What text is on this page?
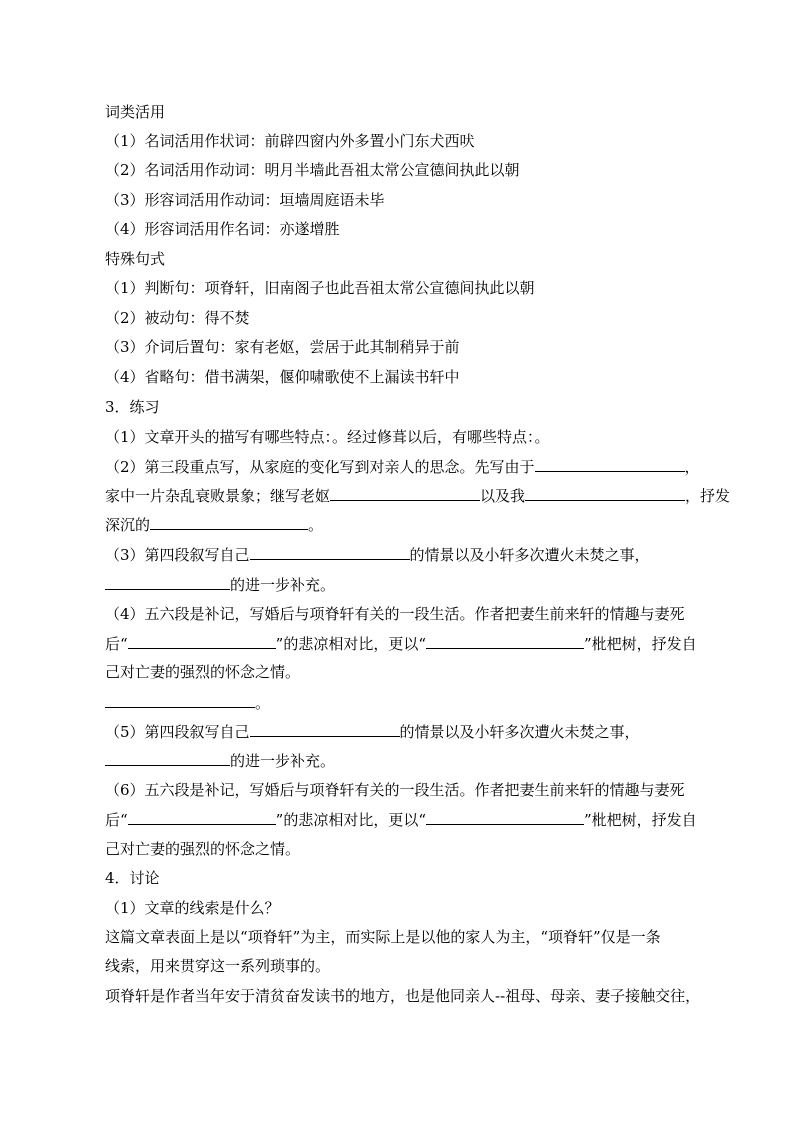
词类活用
（1）名词活用作状词：前辟四窗内外多置小门东犬西吠
（2）名词活用作动词：明月半墙此吾祖太常公宣德间执此以朝
（3）形容词活用作动词：垣墙周庭语未毕
（4）形容词活用作名词：亦遂增胜
特殊句式
（1）判断句：项脊轩，旧南阁子也此吾祖太常公宣德间执此以朝
（2）被动句：得不焚
（3）介词后置句：家有老妪，尝居于此其制稍异于前
（4）省略句：借书满架，偃仰啸歌使不上漏读书轩中
3．练习
（1）文章开头的描写有哪些特点：。经过修葺以后，有哪些特点：。
（2）第三段重点写，从家庭的变化写到对亲人的思念。先写由于	，
家中一片杂乱衰败景象；继写老妪	以及我	，抒发
深沉的	。
（3）第四段叙写自己	的情景以及小轩多次遭火未焚之事，
的进一步补充。
（4）五六段是补记，写婚后与项脊轩有关的一段生活。作者把妻生前来轩的情趣与妻死
后“	”的悲凉相对比，更以“	”枇杷树，抒发自
己对亡妻的强烈的怀念之情。
。
（5）第四段叙写自己	的情景以及小轩多次遭火未焚之事，
的进一步补充。
（6）五六段是补记，写婚后与项脊轩有关的一段生活。作者把妻生前来轩的情趣与妻死
后“	”的悲凉相对比，更以“	”枇杷树，抒发自
己对亡妻的强烈的怀念之情。
4．讨论
（1）文章的线索是什么？
这篇文章表面上是以“项脊轩”为主，而实际上是以他的家人为主，“项脊轩”仅是一条
线索，用来贯穿这一系列琐事的。
项脊轩是作者当年安于清贫奋发读书的地方，也是他同亲人--祖母、母亲、妻子接触交往，
